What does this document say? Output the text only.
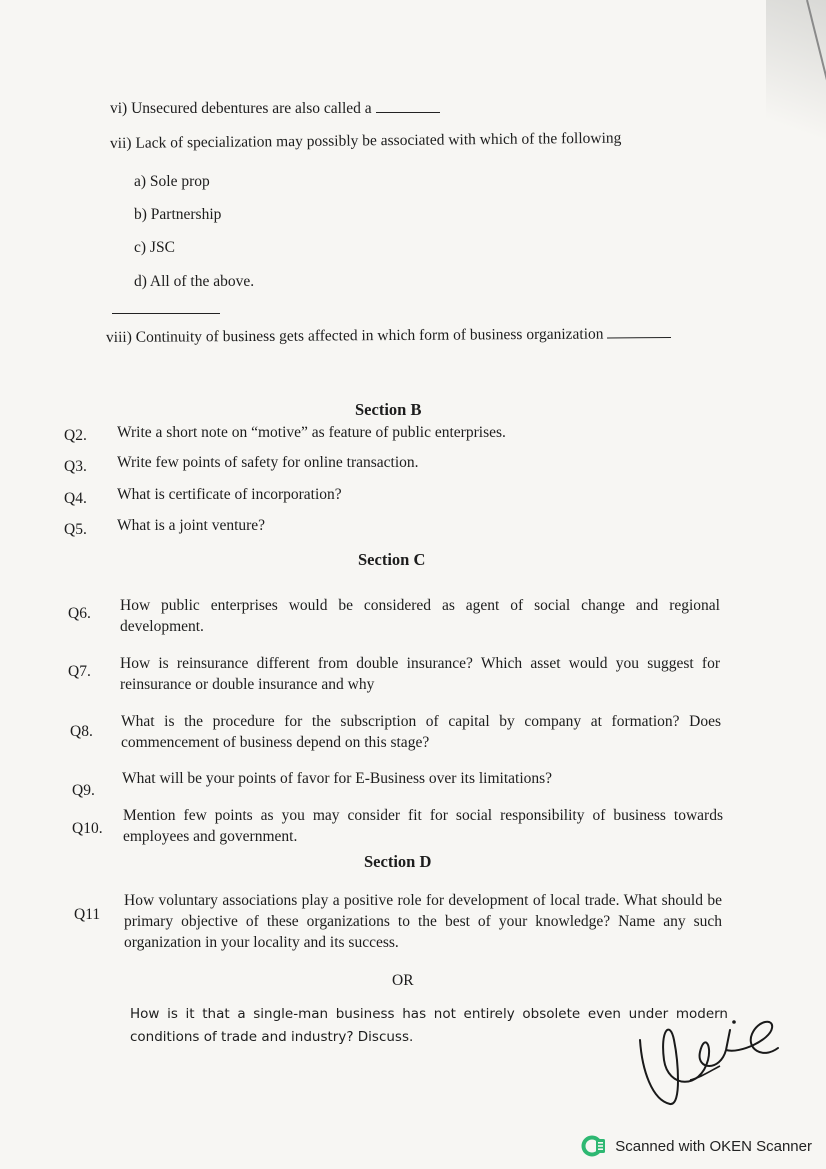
vi) Unsecured debentures are also called a
vii) Lack of specialization may possibly be associated with which of the following
a) Sole prop
b) Partnership
c) JSC
d) All of the above.
viii) Continuity of business gets affected in which form of business organization
Section B
Q2. Write a short note on “motive” as feature of public enterprises.
Q3. Write few points of safety for online transaction.
Q4. What is certificate of incorporation?
Q5. What is a joint venture?
Section C
Q6. How public enterprises would be considered as agent of social change and regional development.
Q7. How is reinsurance different from double insurance? Which asset would you suggest for reinsurance or double insurance and why
Q8.
What is the procedure for the subscription of capital by company at formation? Does commencement of business depend on this stage?
Q9.
What will be your points of favor for E-Business over its limitations?
Q10.
Mention few points as you may consider fit for social responsibility of business towards employees and government.
Section D
Q11
How voluntary associations play a positive role for development of local trade. What should be primary objective of these organizations to the best of your knowledge? Name any such organization in your locality and its success.
OR
How is it that a single-man business has not entirely obsolete even under modern conditions of trade and industry? Discuss.
Scanned with OKEN Scanner
